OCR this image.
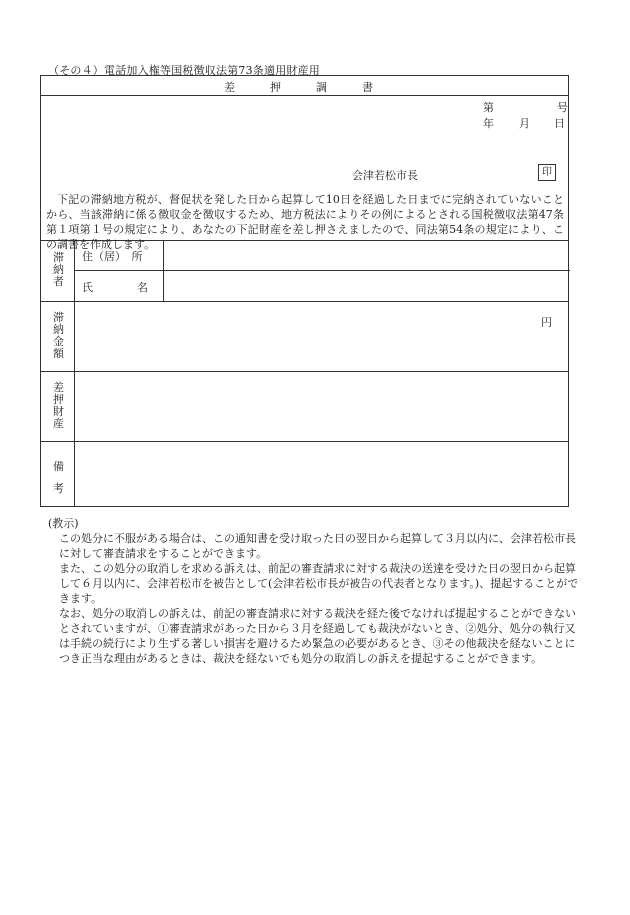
（その４）電話加入権等国税徴収法第73条適用財産用
差　押　調　書
第	号
年 月 日
会津若松市長	印
下記の滞納地方税が、督促状を発した日から起算して10日を経過した日までに完納されていないことから、当該滞納に係る徴収金を徴収するため、地方税法によりその例によるとされる国税徴収法第47条第１項第１号の規定により、あなたの下記財産を差し押さえましたので、同法第54条の規定により、この調書を作成します。
滞納者
住（居）　所
氏　　　　名
滞納金額
円
差押財産
備　考

(教示)

この処分に不服がある場合は、この通知書を受け取った日の翌日から起算して３月以内に、会津若松市長に対して審査請求をすることができます。

また、この処分の取消しを求める訴えは、前記の審査請求に対する裁決の送達を受けた日の翌日から起算して６月以内に、会津若松市を被告として(会津若松市長が被告の代表者となります。)、提起することができます。

なお、処分の取消しの訴えは、前記の審査請求に対する裁決を経た後でなければ提起することができないとされていますが、①審査請求があった日から３月を経過しても裁決がないとき、②処分、処分の執行又は手続の続行により生ずる著しい損害を避けるため緊急の必要があるとき、③その他裁決を経ないことにつき正当な理由があるときは、裁決を経ないでも処分の取消しの訴えを提起することができます。
